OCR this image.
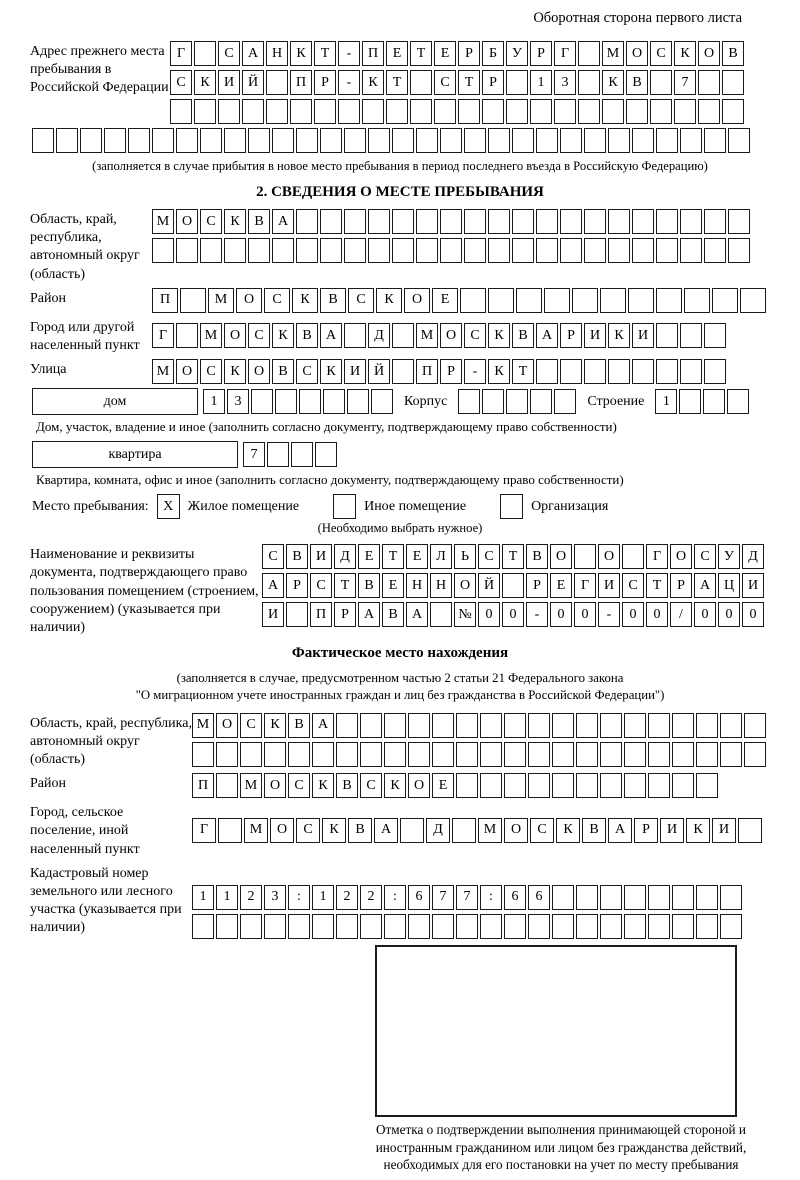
Оборотная сторона первого листа
Адрес прежнего места пребывания в Российской Федерации
Г	С	А Н	К	Т	-	П	Е	Т	Е	Р	Б	У	Р	Г	М О	С	К	О	В
С	К	И Й	П	Р	-	К	Т	С	Т	Р	1	3	К	В	7
(заполняется в случае прибытия в новое место пребывания в период последнего въезда в Российскую Федерацию)
2. СВЕДЕНИЯ О МЕСТЕ ПРЕБЫВАНИЯ
Область, край, республика, автономный округ (область)
М О	С	К	В	А
Район	П	М	О	С	К	В	С	К	О	Е
Город или другой населенный пункт
Г	М О	С	К	В	А	Д	М О	С	К	В	А	Р	И	К	И
Улица	М О	С	К	О	В	С	К	И Й	П	Р	-	К	Т
дом	1	3	Корпус	Строение	1
Дом, участок, владение и иное (заполнить согласно документу, подтверждающему право собственности)
квартира	7
Квартира, комната, офис и иное (заполнить согласно документу, подтверждающему право собственности)
Место пребывания:	X	Жилое помещение	Иное помещение	Организация
(Необходимо выбрать нужное)
Наименование и реквизиты документа, подтверждающего право пользования помещением (строением, сооружением) (указывается при наличии)
С	В	И	Д	Е	Т	Е	Л	Ь	С	Т	В	О	О	Г	О	С	У	Д
А	Р	С	Т	В	Е	Н Н О Й	Р	Е	Г	И	С	Т	Р	А Ц И
И	П	Р	А	В	А	№ 0	0	-	0	0	-	0	0	/	0	0	0
Фактическое место нахождения
(заполняется в случае, предусмотренном частью 2 статьи 21 Федерального закона
"О миграционном учете иностранных граждан и лиц без гражданства в Российской Федерации")
Область, край, республика, автономный округ (область)
М О	С	К	В	А
Район	П	М О	С	К	В	С	К	О	Е
Город, сельское поселение, иной населенный пункт
Г	М	О	С	К	В	А	Д	М	О	С	К	В	А	Р	И	К	И
Кадастровый номер земельного или лесного участка (указывается при наличии)
1	1	2	3	:	1	2	2	:	6	7	7	:	6	6
Отметка о подтверждении выполнения принимающей стороной и иностранным гражданином или лицом без гражданства действий, необходимых для его постановки на учет по месту пребывания
